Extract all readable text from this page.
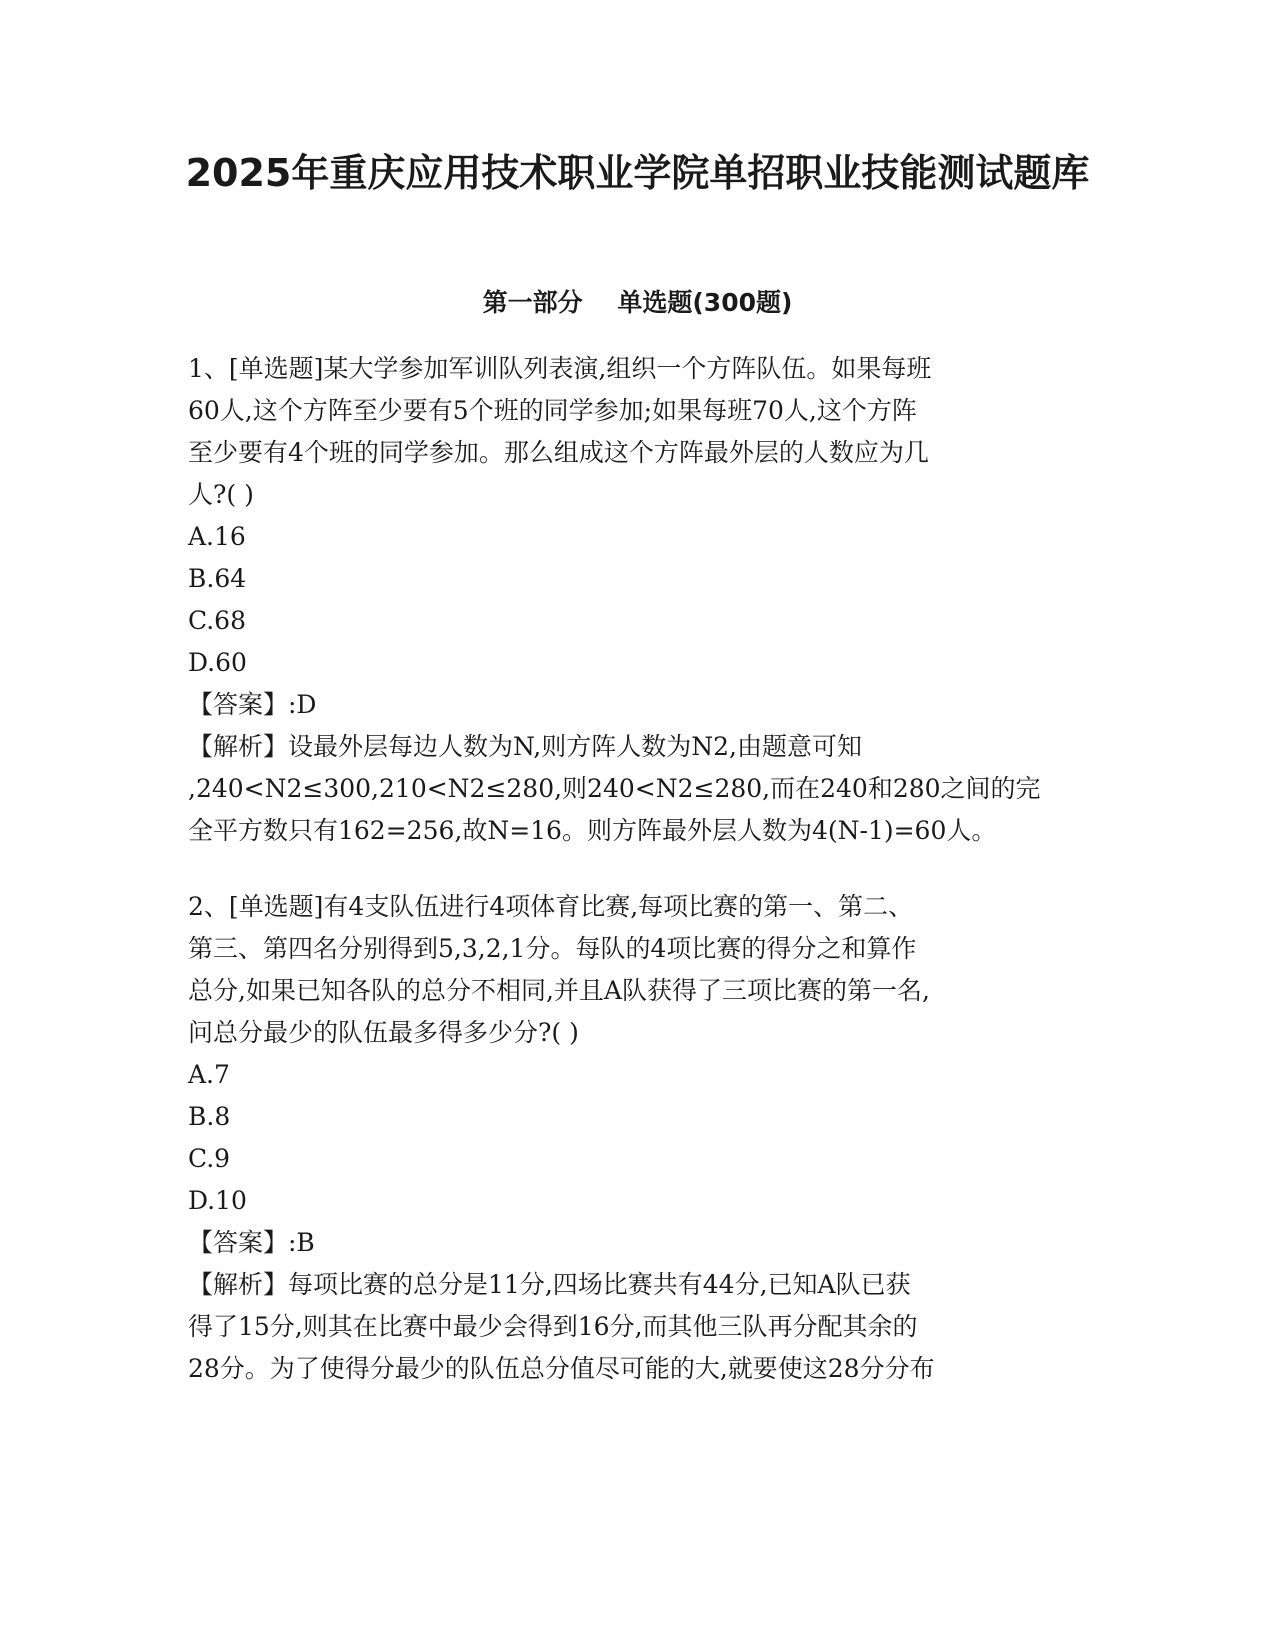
2025年重庆应用技术职业学院单招职业技能测试题库
第一部分    单选题(300题)
1、[单选题]某大学参加军训队列表演,组织一个方阵队伍。如果每班
60人,这个方阵至少要有5个班的同学参加;如果每班70人,这个方阵
至少要有4个班的同学参加。那么组成这个方阵最外层的人数应为几
人?( )
A.16
B.64
C.68
D.60
【答案】:D
【解析】设最外层每边人数为N,则方阵人数为N2,由题意可知
,240<N2≤300,210<N2≤280,则240<N2≤280,而在240和280之间的完
全平方数只有162=256,故N=16。则方阵最外层人数为4(N-1)=60人。
2、[单选题]有4支队伍进行4项体育比赛,每项比赛的第一、第二、
第三、第四名分别得到5,3,2,1分。每队的4项比赛的得分之和算作
总分,如果已知各队的总分不相同,并且A队获得了三项比赛的第一名,
问总分最少的队伍最多得多少分?( )
A.7
B.8
C.9
D.10
【答案】:B
【解析】每项比赛的总分是11分,四场比赛共有44分,已知A队已获
得了15分,则其在比赛中最少会得到16分,而其他三队再分配其余的
28分。为了使得分最少的队伍总分值尽可能的大,就要使这28分分布
